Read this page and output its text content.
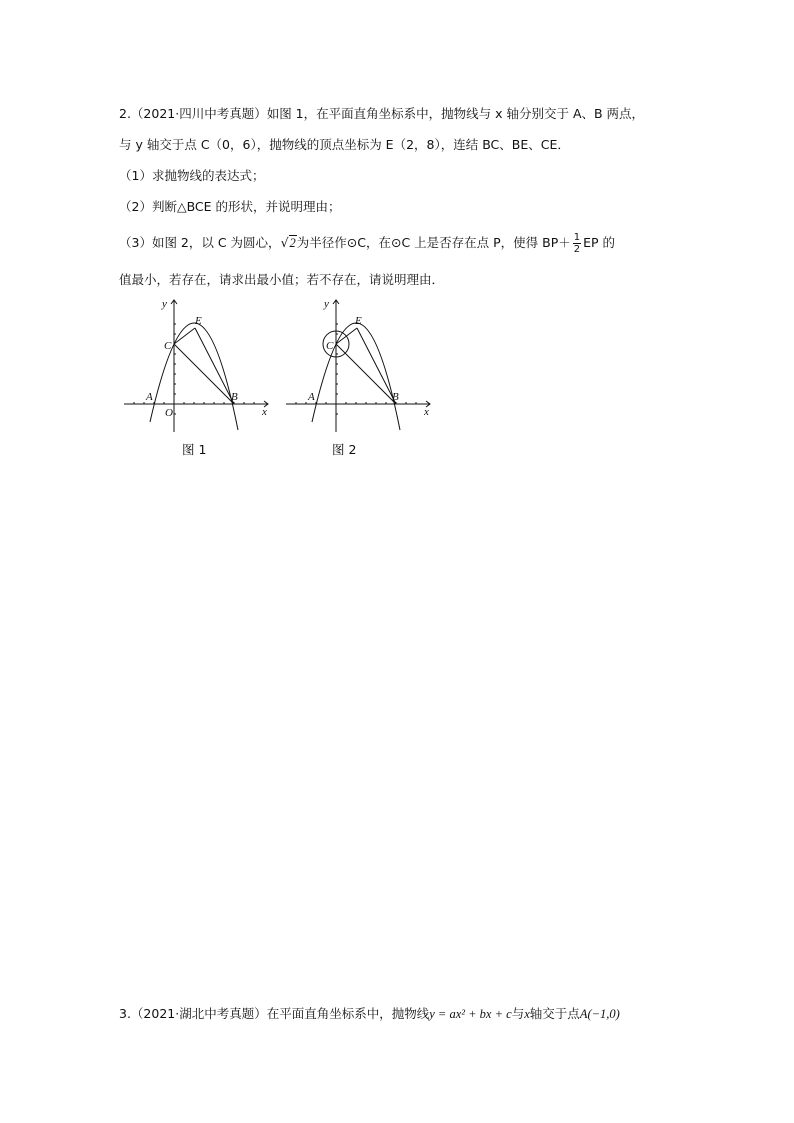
2.（2021·四川中考真题）如图 1，在平面直角坐标系中，抛物线与 x 轴分别交于 A、B 两点，
与 y 轴交于点 C（0，6），抛物线的顶点坐标为 E（2，8），连结 BC、BE、CE．
（1）求抛物线的表达式；
（2）判断△BCE 的形状，并说明理由；
（3）如图 2，以 C 为圆心，√2为半径作⊙C，在⊙C 上是否存在点 P，使得 $BP+ \frac{1}{2}$ EP 的
值最小，若存在，请求出最小值；若不存在，请说明理由．
y
x
E
C
A
O
B
图 1
y
x
E
C
A	B
图 2
3.（2021·湖北中考真题）在平面直角坐标系中，抛物线y = ax² + bx + c与x轴交于点A(−1,0)
